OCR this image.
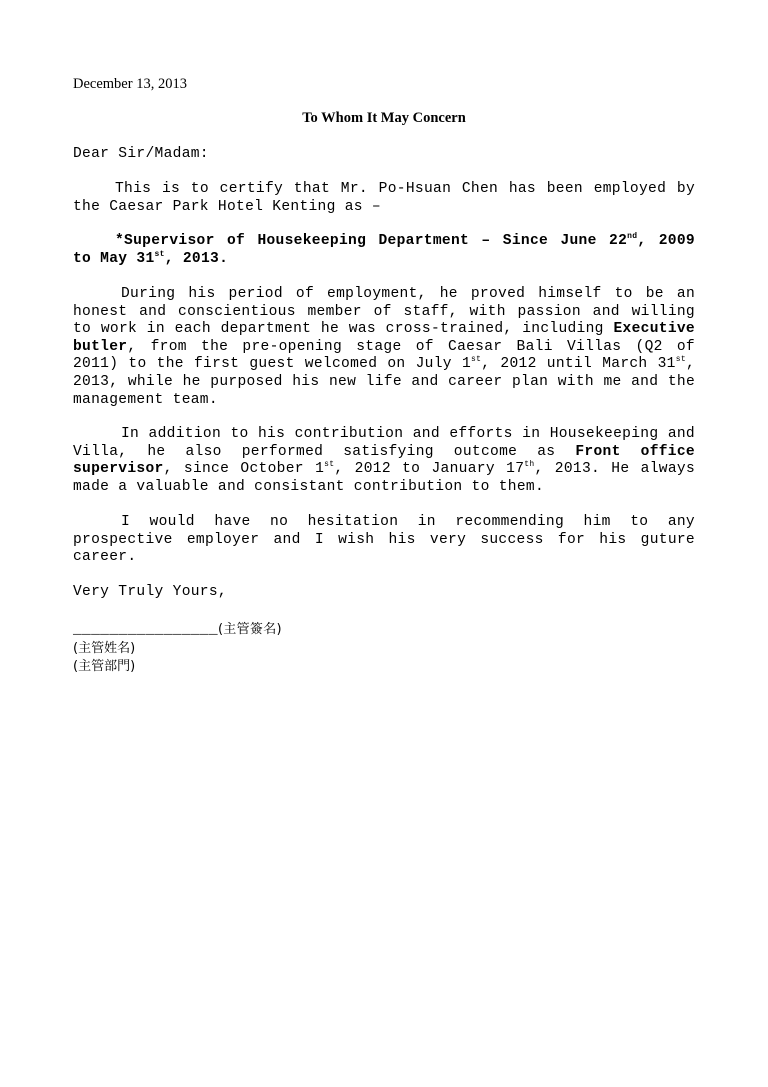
December 13, 2013
To Whom It May Concern
Dear Sir/Madam:
This is to certify that Mr. Po-Hsuan Chen has been employed by the Caesar Park Hotel Kenting as –
*Supervisor of Housekeeping Department – Since June 22nd, 2009 to May 31st, 2013.
During his period of employment, he proved himself to be an honest and conscientious member of staff, with passion and willing to work in each department he was cross-trained, including Executive butler, from the pre-opening stage of Caesar Bali Villas (Q2 of 2011) to the first guest welcomed on July 1st, 2012 until March 31st, 2013, while he purposed his new life and career plan with me and the management team.
In addition to his contribution and efforts in Housekeeping and Villa, he also performed satisfying outcome as Front office supervisor, since October 1st, 2012 to January 17th, 2013. He always made a valuable and consistant contribution to them.
I would have no hesitation in recommending him to any prospective employer and I wish his very success for his guture career.
Very Truly Yours,
________________(主管簽名)
(主管姓名)
(主管部門)
